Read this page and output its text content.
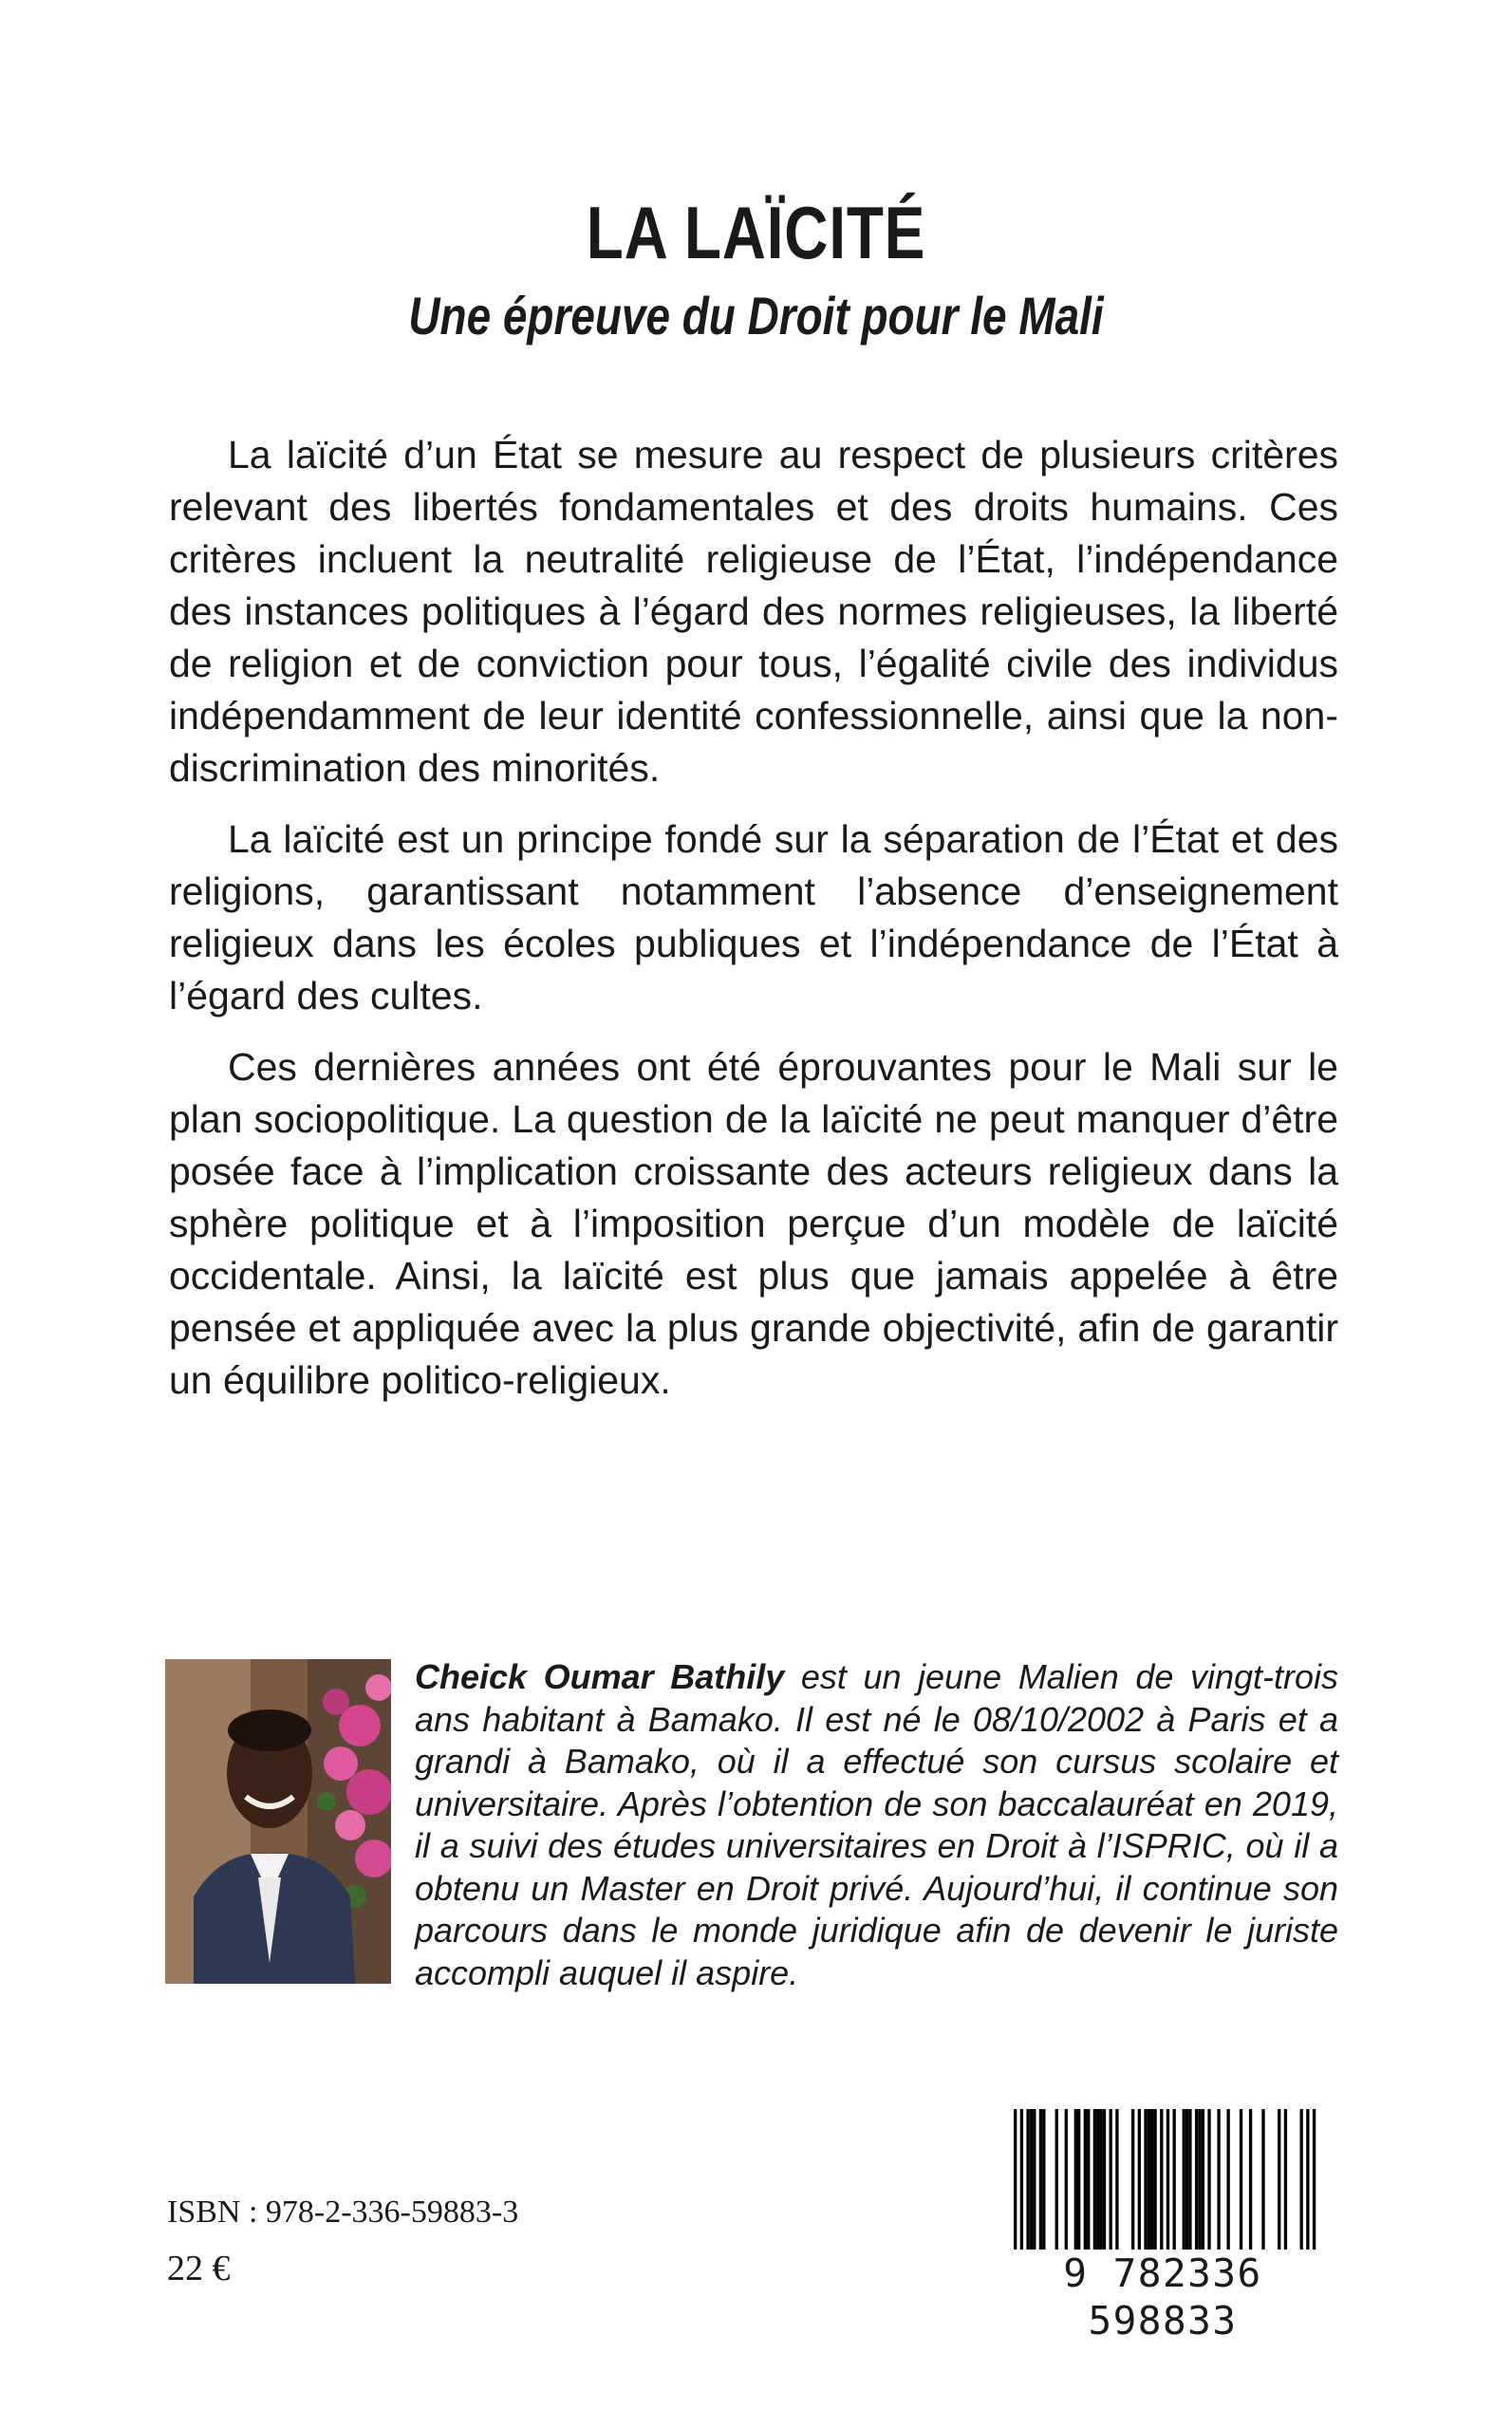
LA LAÏCITÉ
Une épreuve du Droit pour le Mali

La laïcité d’un État se mesure au respect de plusieurs critères relevant des libertés fondamentales et des droits humains. Ces critères incluent la neutralité religieuse de l’État, l’indépendance des instances politiques à l’égard des normes religieuses, la liberté de religion et de conviction pour tous, l’égalité civile des individus indépendamment de leur identité confessionnelle, ainsi que la non-discrimination des minorités.

La laïcité est un principe fondé sur la séparation de l’État et des religions, garantissant notamment l’absence d’enseignement religieux dans les écoles publiques et l’indépendance de l’État à l’égard des cultes.

Ces dernières années ont été éprouvantes pour le Mali sur le plan sociopolitique. La question de la laïcité ne peut manquer d’être posée face à l’implication croissante des acteurs religieux dans la sphère politique et à l’imposition perçue d’un modèle de laïcité occidentale. Ainsi, la laïcité est plus que jamais appelée à être pensée et appliquée avec la plus grande objectivité, afin de garantir un équilibre politico-religieux.

Cheick Oumar Bathily est un jeune Malien de vingt-trois ans habitant à Bamako. Il est né le 08/10/2002 à Paris et a grandi à Bamako, où il a effectué son cursus scolaire et universitaire. Après l’obtention de son baccalauréat en 2019, il a suivi des études universitaires en Droit à l’ISPRIC, où il a obtenu un Master en Droit privé. Aujourd’hui, il continue son parcours dans le monde juridique afin de devenir le juriste accompli auquel il aspire.

ISBN : 978-2-336-59883-3

22 €	9 782336 598833
